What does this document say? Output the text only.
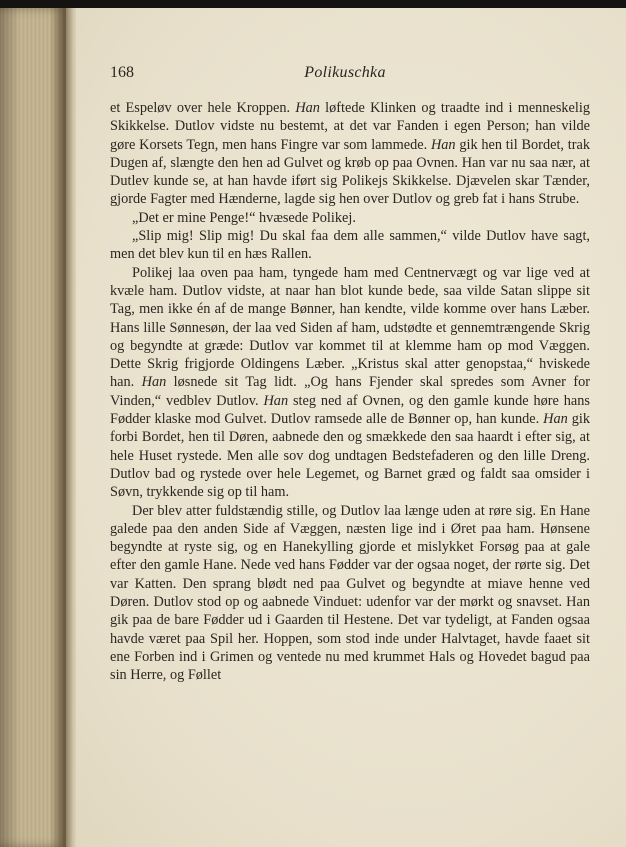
168	Polikuschka

et Espeløv over hele Kroppen. Han løftede Klinken og traadte ind i menneskelig Skikkelse. Dutlov vidste nu bestemt, at det var Fanden i egen Person; han vilde gøre Korsets Tegn, men hans Fingre var som lammede. Han gik hen til Bordet, trak Dugen af, slængte den hen ad Gulvet og krøb op paa Ovnen. Han var nu saa nær, at Dutlev kunde se, at han havde iført sig Polikejs Skikkelse. Djævelen skar Tænder, gjorde Fagter med Hænderne, lagde sig hen over Dutlov og greb fat i hans Strube.

„Det er mine Penge!“ hvæsede Polikej.

„Slip mig! Slip mig! Du skal faa dem alle sammen,“ vilde Dutlov have sagt, men det blev kun til en hæs Rallen.

Polikej laa oven paa ham, tyngede ham med Centnervægt og var lige ved at kvæle ham. Dutlov vidste, at naar han blot kunde bede, saa vilde Satan slippe sit Tag, men ikke én af de mange Bønner, han kendte, vilde komme over hans Læber. Hans lille Sønnesøn, der laa ved Siden af ham, udstødte et gennemtrængende Skrig og begyndte at græde: Dutlov var kommet til at klemme ham op mod Væggen. Dette Skrig frigjorde Oldingens Læber. „Kristus skal atter genopstaa,“ hviskede han. Han løsnede sit Tag lidt. „Og hans Fjender skal spredes som Avner for Vinden,“ vedblev Dutlov. Han steg ned af Ovnen, og den gamle kunde høre hans Fødder klaske mod Gulvet. Dutlov ramsede alle de Bønner op, han kunde. Han gik forbi Bordet, hen til Døren, aabnede den og smækkede den saa haardt i efter sig, at hele Huset rystede. Men alle sov dog undtagen Bedstefaderen og den lille Dreng. Dutlov bad og rystede over hele Legemet, og Barnet græd og faldt saa omsider i Søvn, trykkende sig op til ham.

Der blev atter fuldstændig stille, og Dutlov laa længe uden at røre sig. En Hane galede paa den anden Side af Væggen, næsten lige ind i Øret paa ham. Hønsene begyndte at ryste sig, og en Hanekylling gjorde et mislykket Forsøg paa at gale efter den gamle Hane. Nede ved hans Fødder var der ogsaa noget, der rørte sig. Det var Katten. Den sprang blødt ned paa Gulvet og begyndte at miave henne ved Døren. Dutlov stod op og aabnede Vinduet: udenfor var der mørkt og snavset. Han gik paa de bare Fødder ud i Gaarden til Hestene. Det var tydeligt, at Fanden ogsaa havde været paa Spil her. Hoppen, som stod inde under Halvtaget, havde faaet sit ene Forben ind i Grimen og ventede nu med krummet Hals og Hovedet bagud paa sin Herre, og Føllet
